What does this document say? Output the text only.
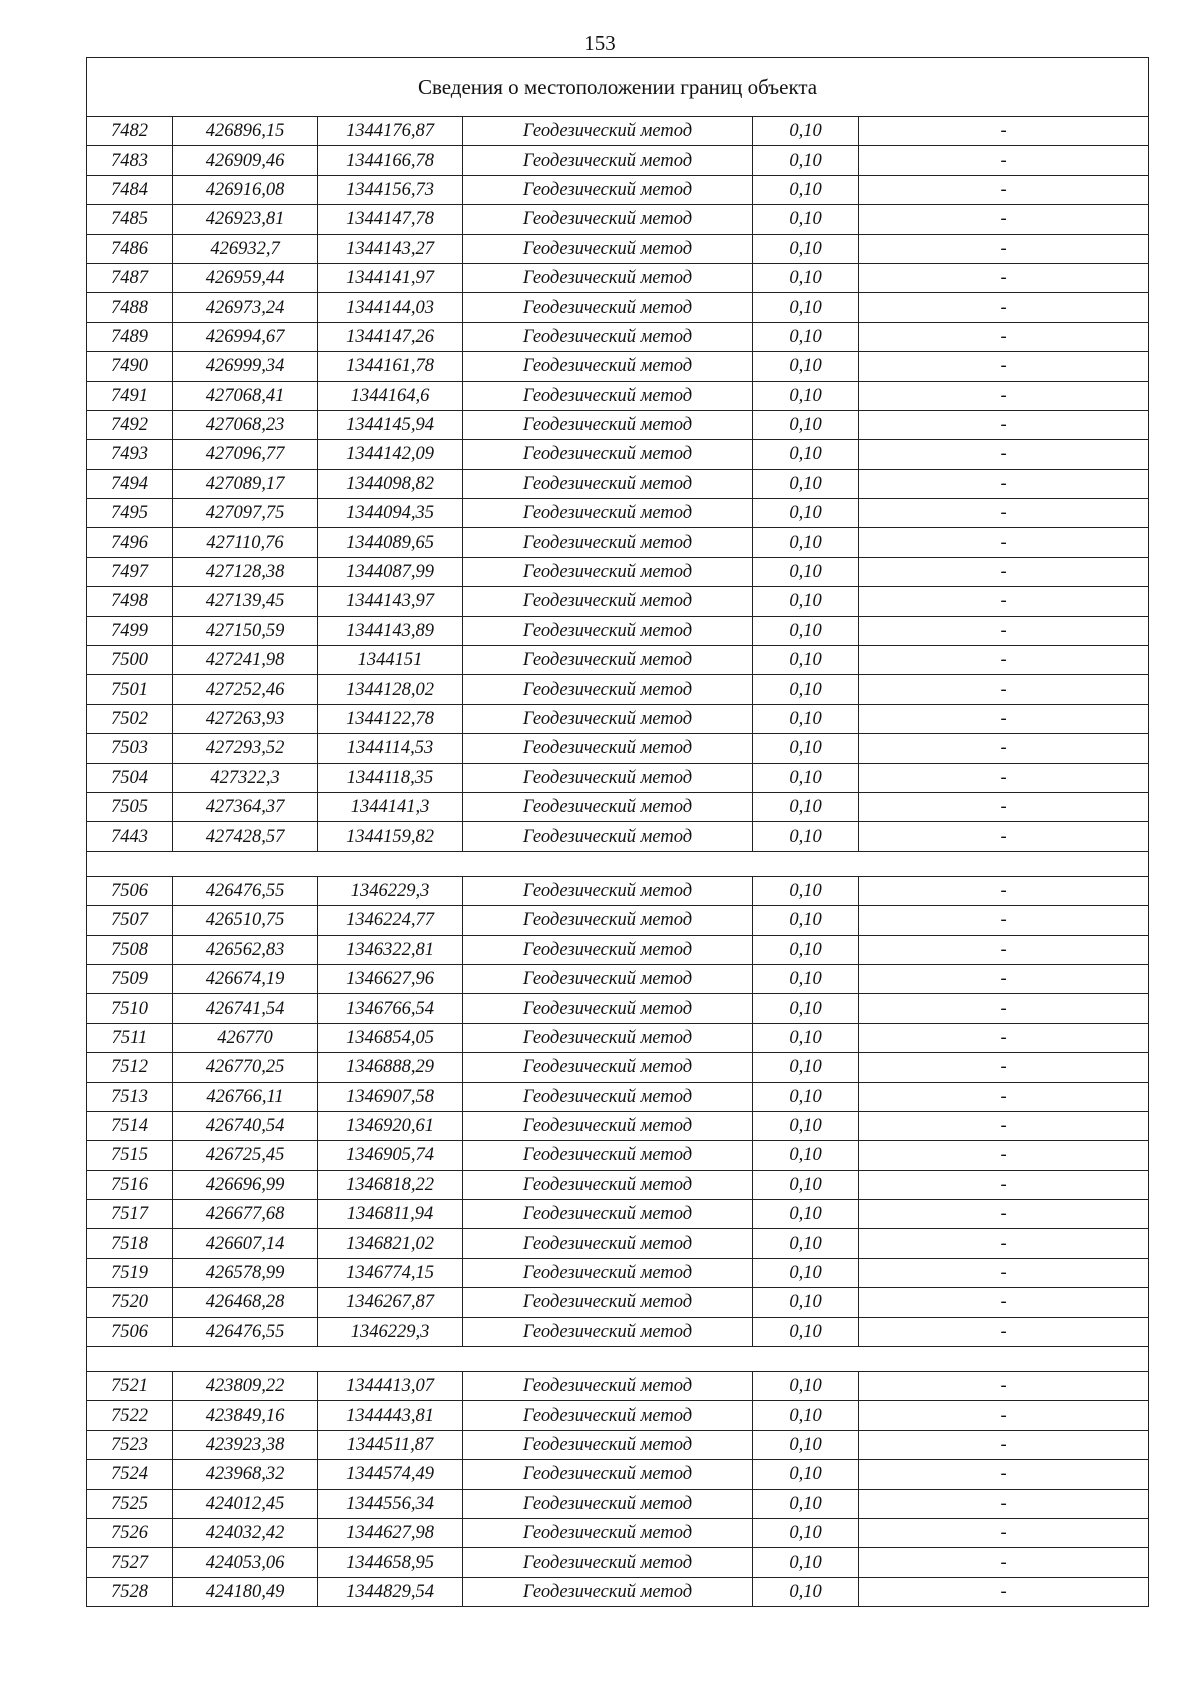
153
Сведения о местоположении границ объекта					
7482	426896,15	1344176,87	Геодезический метод	0,10	-
7483	426909,46	1344166,78	Геодезический метод	0,10	-
7484	426916,08	1344156,73	Геодезический метод	0,10	-
7485	426923,81	1344147,78	Геодезический метод	0,10	-
7486	426932,7	1344143,27	Геодезический метод	0,10	-
7487	426959,44	1344141,97	Геодезический метод	0,10	-
7488	426973,24	1344144,03	Геодезический метод	0,10	-
7489	426994,67	1344147,26	Геодезический метод	0,10	-
7490	426999,34	1344161,78	Геодезический метод	0,10	-
7491	427068,41	1344164,6	Геодезический метод	0,10	-
7492	427068,23	1344145,94	Геодезический метод	0,10	-
7493	427096,77	1344142,09	Геодезический метод	0,10	-
7494	427089,17	1344098,82	Геодезический метод	0,10	-
7495	427097,75	1344094,35	Геодезический метод	0,10	-
7496	427110,76	1344089,65	Геодезический метод	0,10	-
7497	427128,38	1344087,99	Геодезический метод	0,10	-
7498	427139,45	1344143,97	Геодезический метод	0,10	-
7499	427150,59	1344143,89	Геодезический метод	0,10	-
7500	427241,98	1344151	Геодезический метод	0,10	-
7501	427252,46	1344128,02	Геодезический метод	0,10	-
7502	427263,93	1344122,78	Геодезический метод	0,10	-
7503	427293,52	1344114,53	Геодезический метод	0,10	-
7504	427322,3	1344118,35	Геодезический метод	0,10	-
7505	427364,37	1344141,3	Геодезический метод	0,10	-
7443	427428,57	1344159,82	Геодезический метод	0,10	-

7506	426476,55	1346229,3	Геодезический метод	0,10	-
7507	426510,75	1346224,77	Геодезический метод	0,10	-
7508	426562,83	1346322,81	Геодезический метод	0,10	-
7509	426674,19	1346627,96	Геодезический метод	0,10	-
7510	426741,54	1346766,54	Геодезический метод	0,10	-
7511	426770	1346854,05	Геодезический метод	0,10	-
7512	426770,25	1346888,29	Геодезический метод	0,10	-
7513	426766,11	1346907,58	Геодезический метод	0,10	-
7514	426740,54	1346920,61	Геодезический метод	0,10	-
7515	426725,45	1346905,74	Геодезический метод	0,10	-
7516	426696,99	1346818,22	Геодезический метод	0,10	-
7517	426677,68	1346811,94	Геодезический метод	0,10	-
7518	426607,14	1346821,02	Геодезический метод	0,10	-
7519	426578,99	1346774,15	Геодезический метод	0,10	-
7520	426468,28	1346267,87	Геодезический метод	0,10	-
7506	426476,55	1346229,3	Геодезический метод	0,10	-

7521	423809,22	1344413,07	Геодезический метод	0,10	-
7522	423849,16	1344443,81	Геодезический метод	0,10	-
7523	423923,38	1344511,87	Геодезический метод	0,10	-
7524	423968,32	1344574,49	Геодезический метод	0,10	-
7525	424012,45	1344556,34	Геодезический метод	0,10	-
7526	424032,42	1344627,98	Геодезический метод	0,10	-
7527	424053,06	1344658,95	Геодезический метод	0,10	-
7528	424180,49	1344829,54	Геодезический метод	0,10	-
